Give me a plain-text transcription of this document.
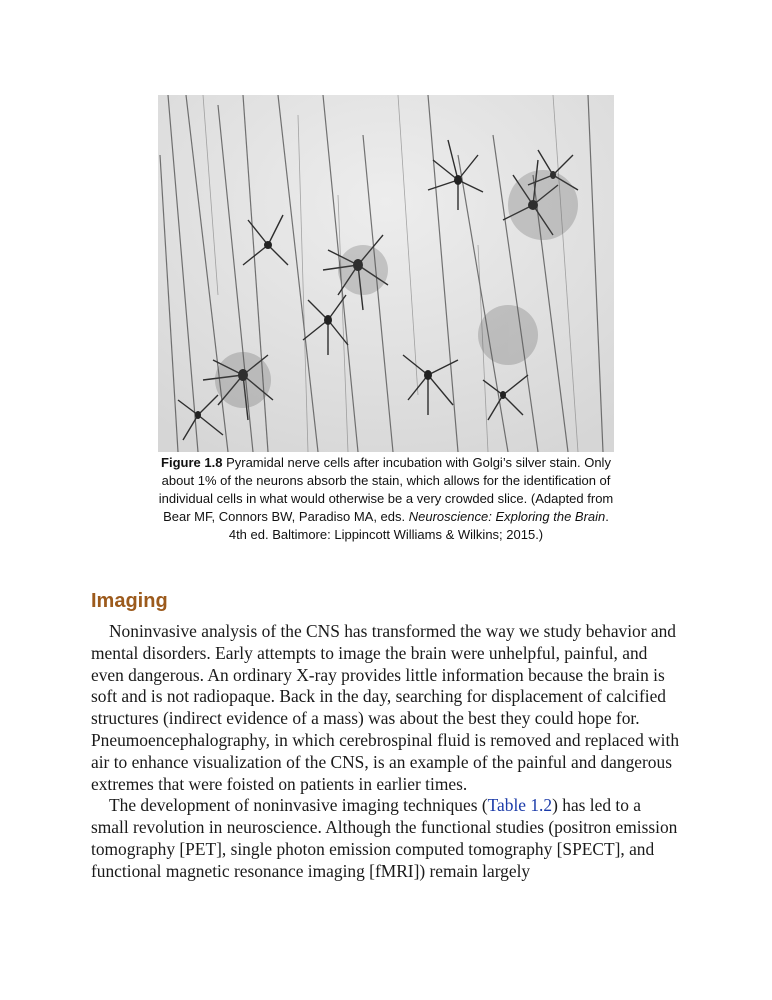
Figure 1.8 Pyramidal nerve cells after incubation with Golgi’s silver stain. Only about 1% of the neurons absorb the stain, which allows for the identification of individual cells in what would otherwise be a very crowded slice. (Adapted from Bear MF, Connors BW, Paradiso MA, eds. Neuroscience: Exploring the Brain. 4th ed. Baltimore: Lippincott Williams & Wilkins; 2015.)
Imaging

Noninvasive analysis of the CNS has transformed the way we study behavior and mental disorders. Early attempts to image the brain were unhelpful, painful, and even dangerous. An ordinary X-ray provides little information because the brain is soft and is not radiopaque. Back in the day, searching for displacement of calcified structures (indirect evidence of a mass) was about the best they could hope for. Pneumoencephalography, in which cerebrospinal fluid is removed and replaced with air to enhance visualization of the CNS, is an example of the painful and dangerous extremes that were foisted on patients in earlier times.

The development of noninvasive imaging techniques (Table 1.2) has led to a small revolution in neuroscience. Although the functional studies (positron emission tomography [PET], single photon emission computed tomography [SPECT], and functional magnetic resonance imaging [fMRI]) remain largely
